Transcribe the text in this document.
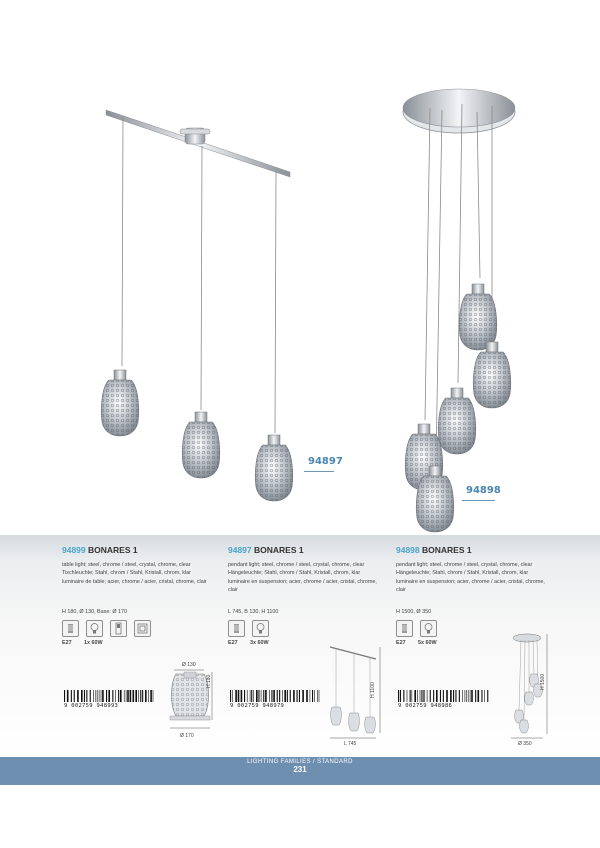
94897
94898
94899 BONARES 1
table light; steel, chrome / steel, crystal, chrome, clear
Tischleuchte; Stahl, chrom / Stahl, Kristall, chrom, klar
luminaire de table; acier, chrome / acier, cristal, chrome, clair
H 180, Ø 130, Base: Ø 170
E27 1x 60W
94897 BONARES 1
pendant light; steel, chrome / steel, crystal, chrome, clear
Hängeleuchte; Stahl, chrom / Stahl, Kristall, chrom, klar
luminaire en suspension; acier, chrome / acier, cristal, chrome,
clair
L 745, B 130, H 1100
E27 3x 60W
94898 BONARES 1
pendant light; steel, chrome / steel, crystal, chrome, clear
Hängeleuchte; Stahl, chrom / Stahl, Kristall, chrom, klar
luminaire en suspension; acier, chrome / acier, cristal, chrome,
clair
H 1500, Ø 350
E27 5x 60W
9 002759 948993	9 002759 948979	9 002759 948986
Ø 130
H 180
Ø 170
H 1100
L 745
H 1500
Ø 350
LIGHTING FAMILIES / STANDARD
231
